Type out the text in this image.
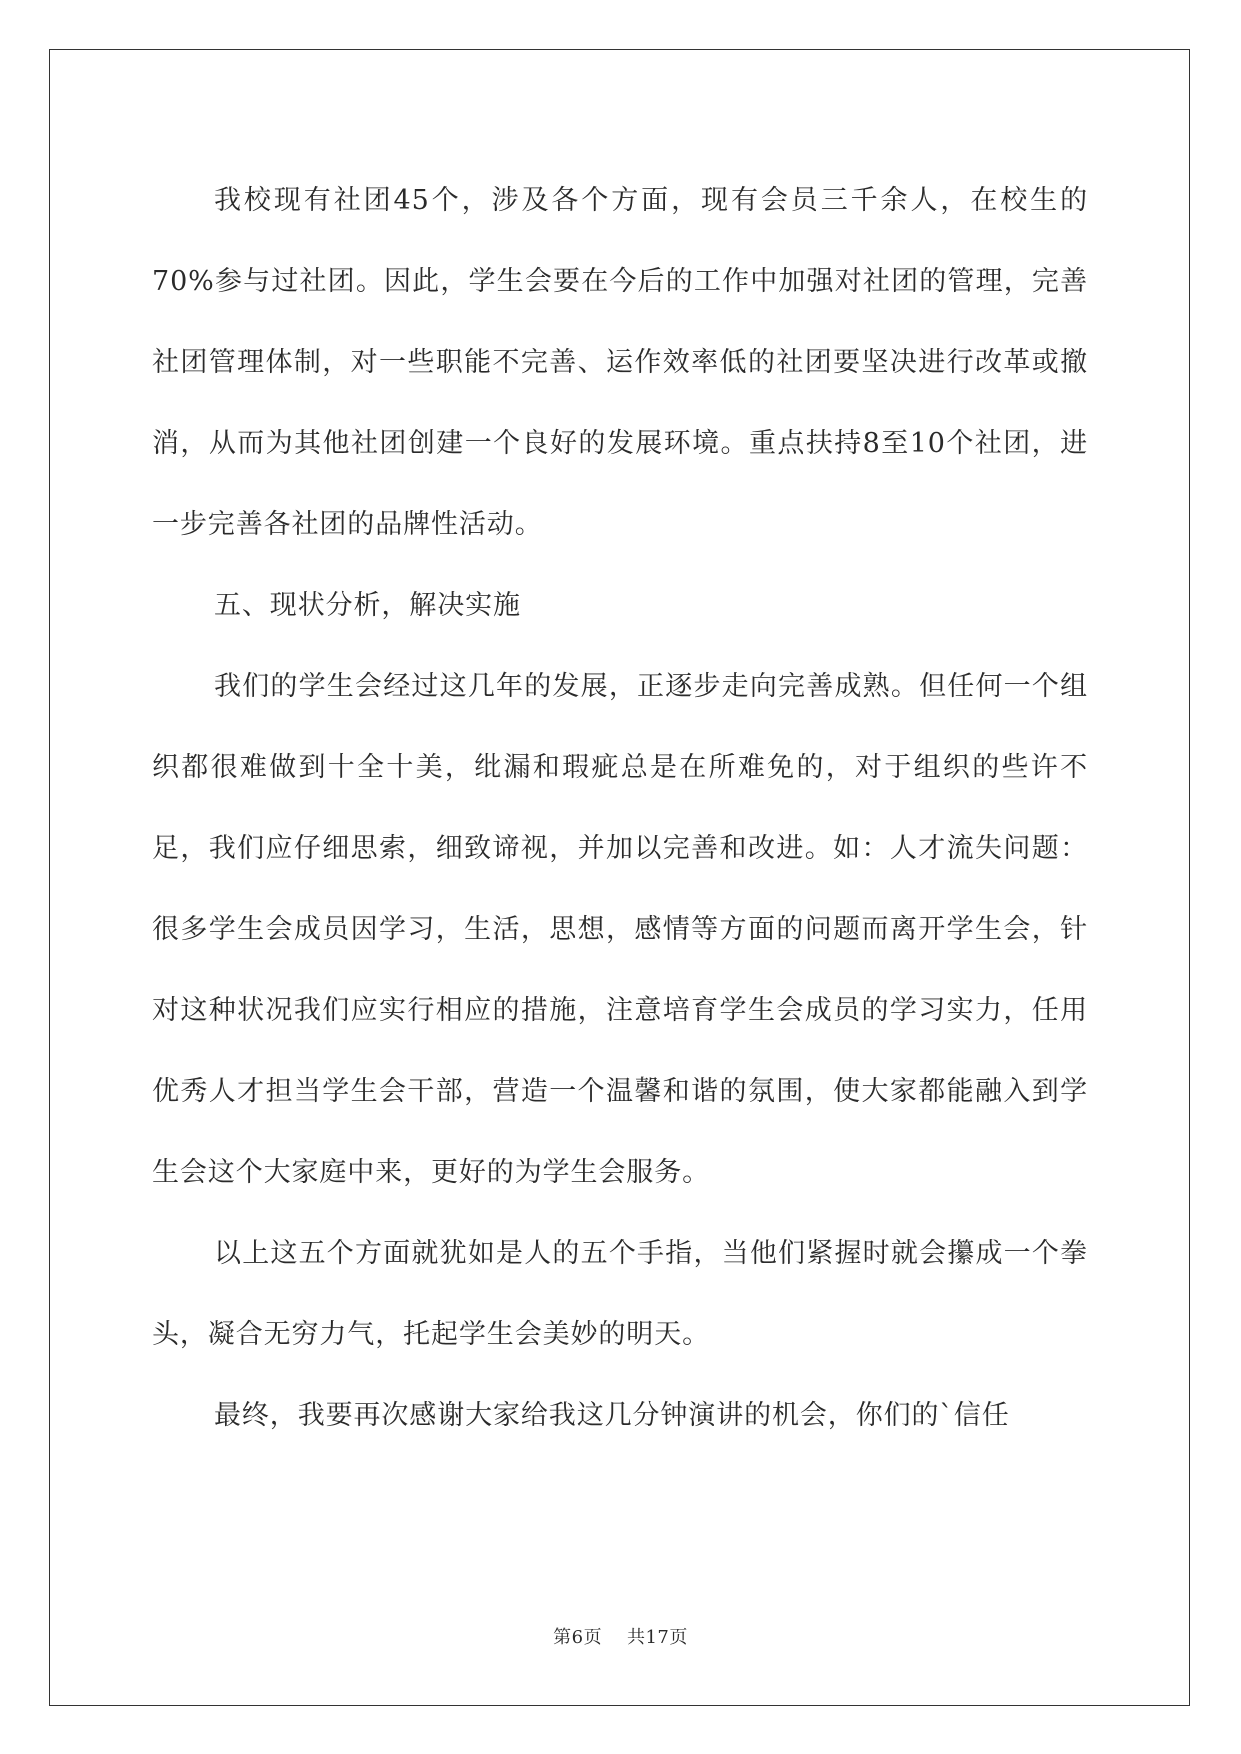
我校现有社团45个，涉及各个方面，现有会员三千余人，在校生的70%参与过社团。因此，学生会要在今后的工作中加强对社团的管理，完善社团管理体制，对一些职能不完善、运作效率低的社团要坚决进行改革或撤消，从而为其他社团创建一个良好的发展环境。重点扶持8至10个社团，进一步完善各社团的品牌性活动。

五、现状分析，解决实施

我们的学生会经过这几年的发展，正逐步走向完善成熟。但任何一个组织都很难做到十全十美，纰漏和瑕疵总是在所难免的，对于组织的些许不足，我们应仔细思索，细致谛视，并加以完善和改进。如：人才流失问题：很多学生会成员因学习，生活，思想，感情等方面的问题而离开学生会，针对这种状况我们应实行相应的措施，注意培育学生会成员的学习实力，任用优秀人才担当学生会干部，营造一个温馨和谐的氛围，使大家都能融入到学生会这个大家庭中来，更好的为学生会服务。

以上这五个方面就犹如是人的五个手指，当他们紧握时就会攥成一个拳头，凝合无穷力气，托起学生会美妙的明天。

最终，我要再次感谢大家给我这几分钟演讲的机会，你们的`信任

第6页 共17页
